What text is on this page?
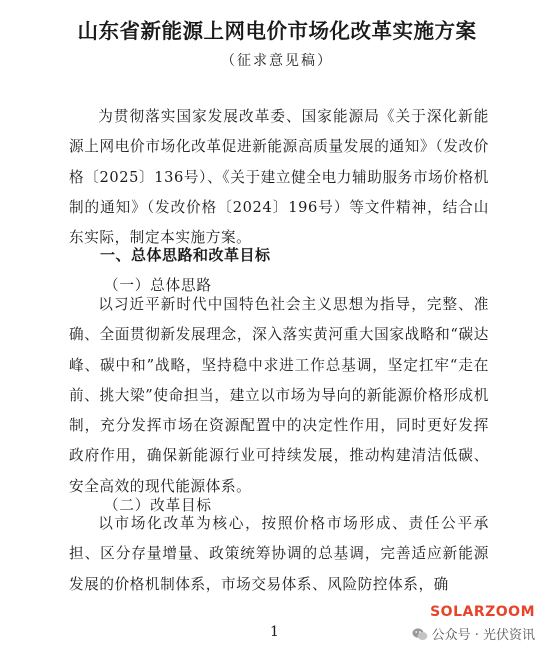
山东省新能源上网电价市场化改革实施方案
（征求意见稿）

为贯彻落实国家发展改革委、国家能源局《关于深化新能源上网电价市场化改革促进新能源高质量发展的通知》（发改价格〔2025〕136号）、《关于建立健全电力辅助服务市场价格机制的通知》（发改价格〔2024〕196号）等文件精神，结合山东实际，制定本实施方案。

一、总体思路和改革目标
（一）总体思路

以习近平新时代中国特色社会主义思想为指导，完整、准确、全面贯彻新发展理念，深入落实黄河重大国家战略和“碳达峰、碳中和”战略，坚持稳中求进工作总基调，坚定扛牢“走在前、挑大梁”使命担当，建立以市场为导向的新能源价格形成机制，充分发挥市场在资源配置中的决定性作用，同时更好发挥政府作用，确保新能源行业可持续发展，推动构建清洁低碳、安全高效的现代能源体系。

（二）改革目标

以市场化改革为核心，按照价格市场形成、责任公平承担、区分存量增量、政策统筹协调的总基调，完善适应新能源发展的价格机制体系，市场交易体系、风险防控体系，确

1
SOLARZOOM
公众号 · 光伏资讯
